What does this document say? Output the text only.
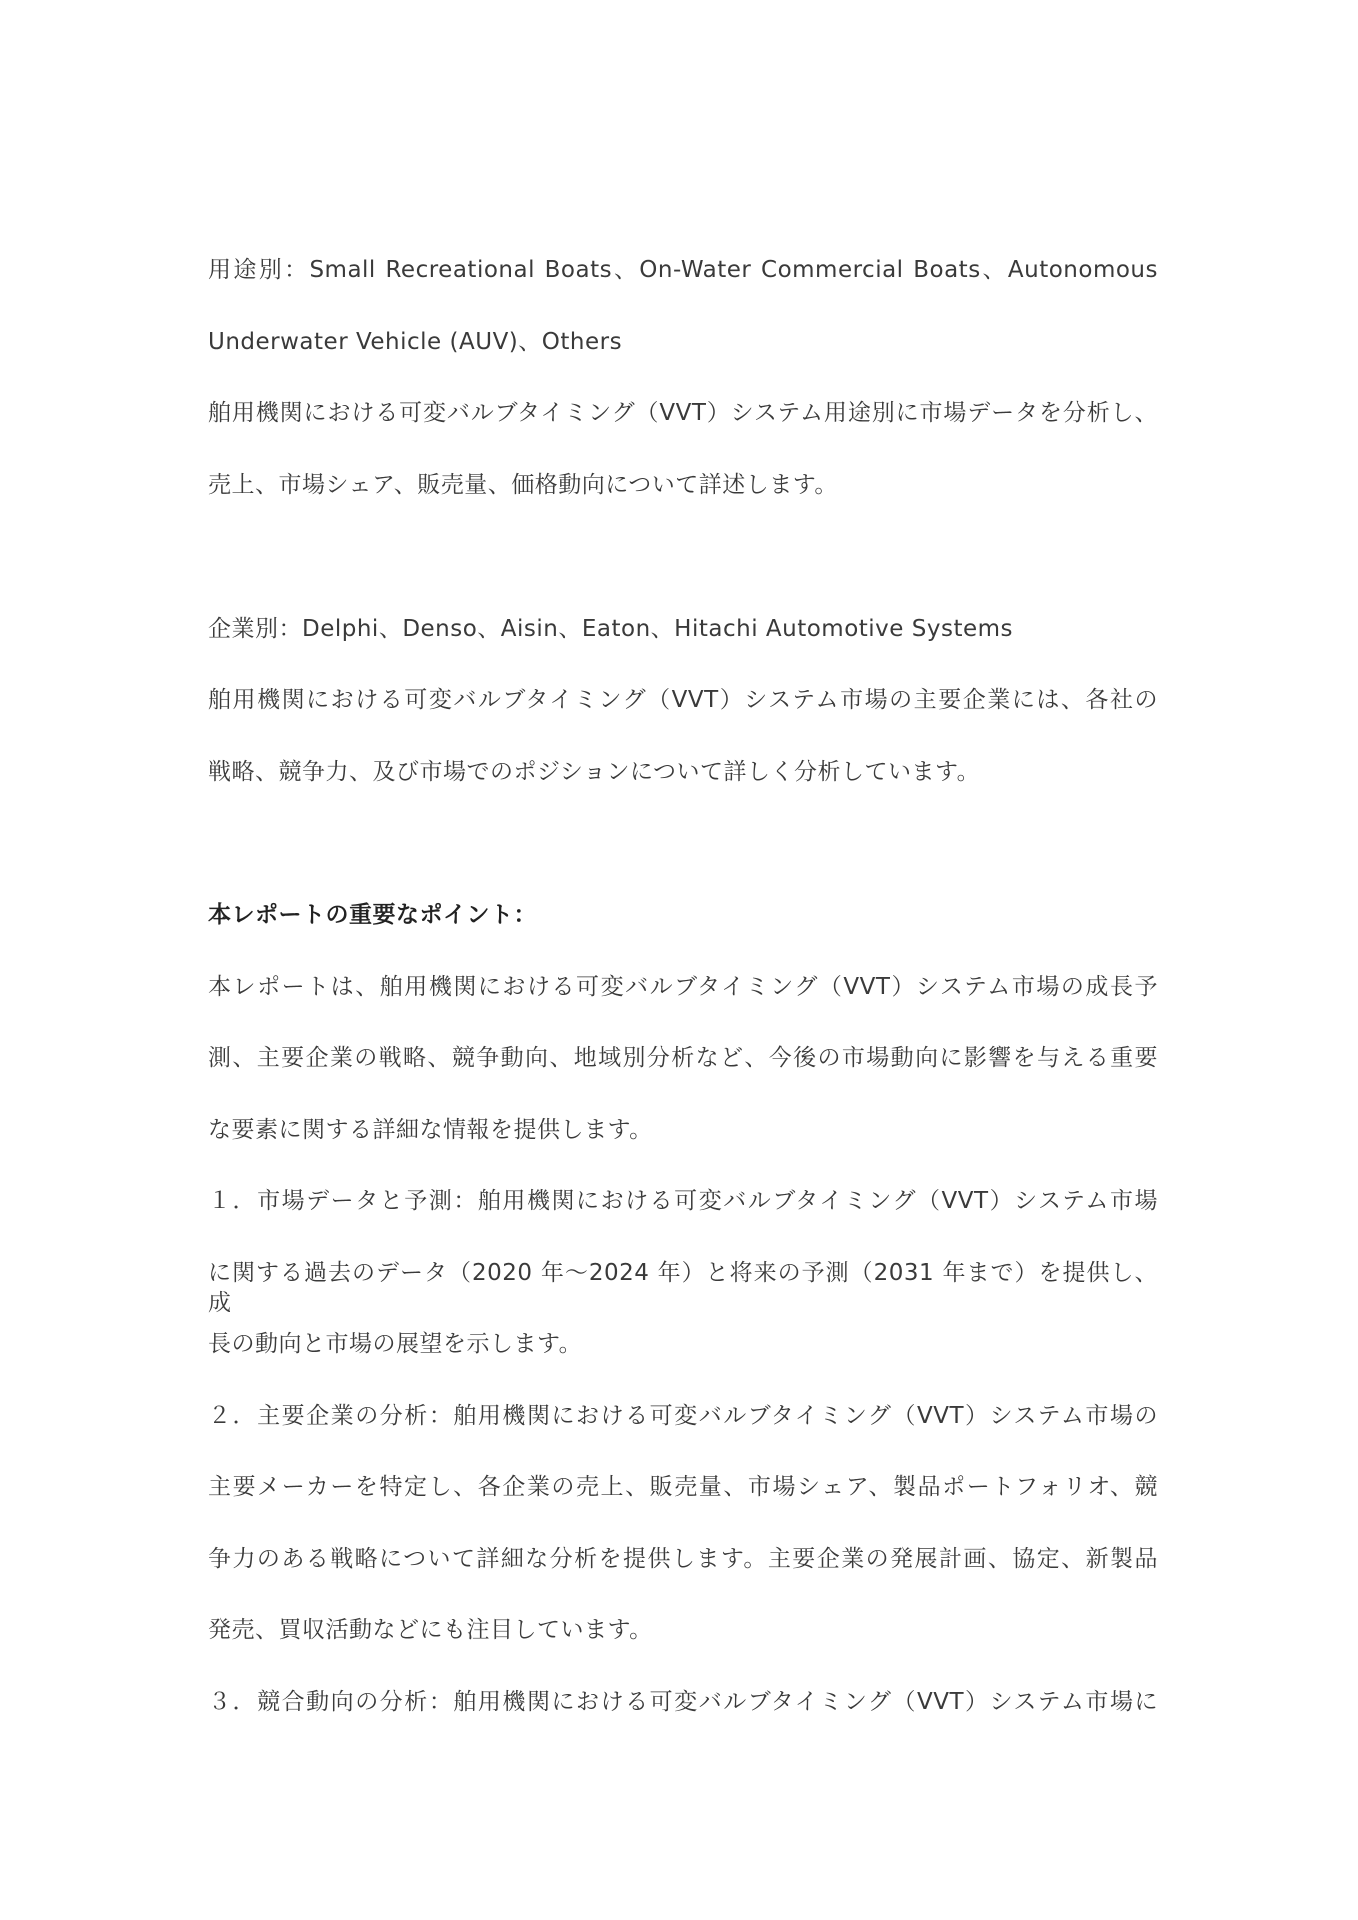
用途別：Small Recreational Boats、On-Water Commercial Boats、Autonomous
Underwater Vehicle (AUV)、Others
舶用機関における可変バルブタイミング（VVT）システム用途別に市場データを分析し、
売上、市場シェア、販売量、価格動向について詳述します。
企業別：Delphi、Denso、Aisin、Eaton、Hitachi Automotive Systems
舶用機関における可変バルブタイミング（VVT）システム市場の主要企業には、各社の
戦略、競争力、及び市場でのポジションについて詳しく分析しています。
本レポートの重要なポイント：
本レポートは、舶用機関における可変バルブタイミング（VVT）システム市場の成長予
測、主要企業の戦略、競争動向、地域別分析など、今後の市場動向に影響を与える重要
な要素に関する詳細な情報を提供します。
１．市場データと予測：舶用機関における可変バルブタイミング（VVT）システム市場
に関する過去のデータ（2020 年～2024 年）と将来の予測（2031 年まで）を提供し、成
長の動向と市場の展望を示します。
２．主要企業の分析：舶用機関における可変バルブタイミング（VVT）システム市場の
主要メーカーを特定し、各企業の売上、販売量、市場シェア、製品ポートフォリオ、競
争力のある戦略について詳細な分析を提供します。主要企業の発展計画、協定、新製品
発売、買収活動などにも注目しています。
３．競合動向の分析：舶用機関における可変バルブタイミング（VVT）システム市場に
